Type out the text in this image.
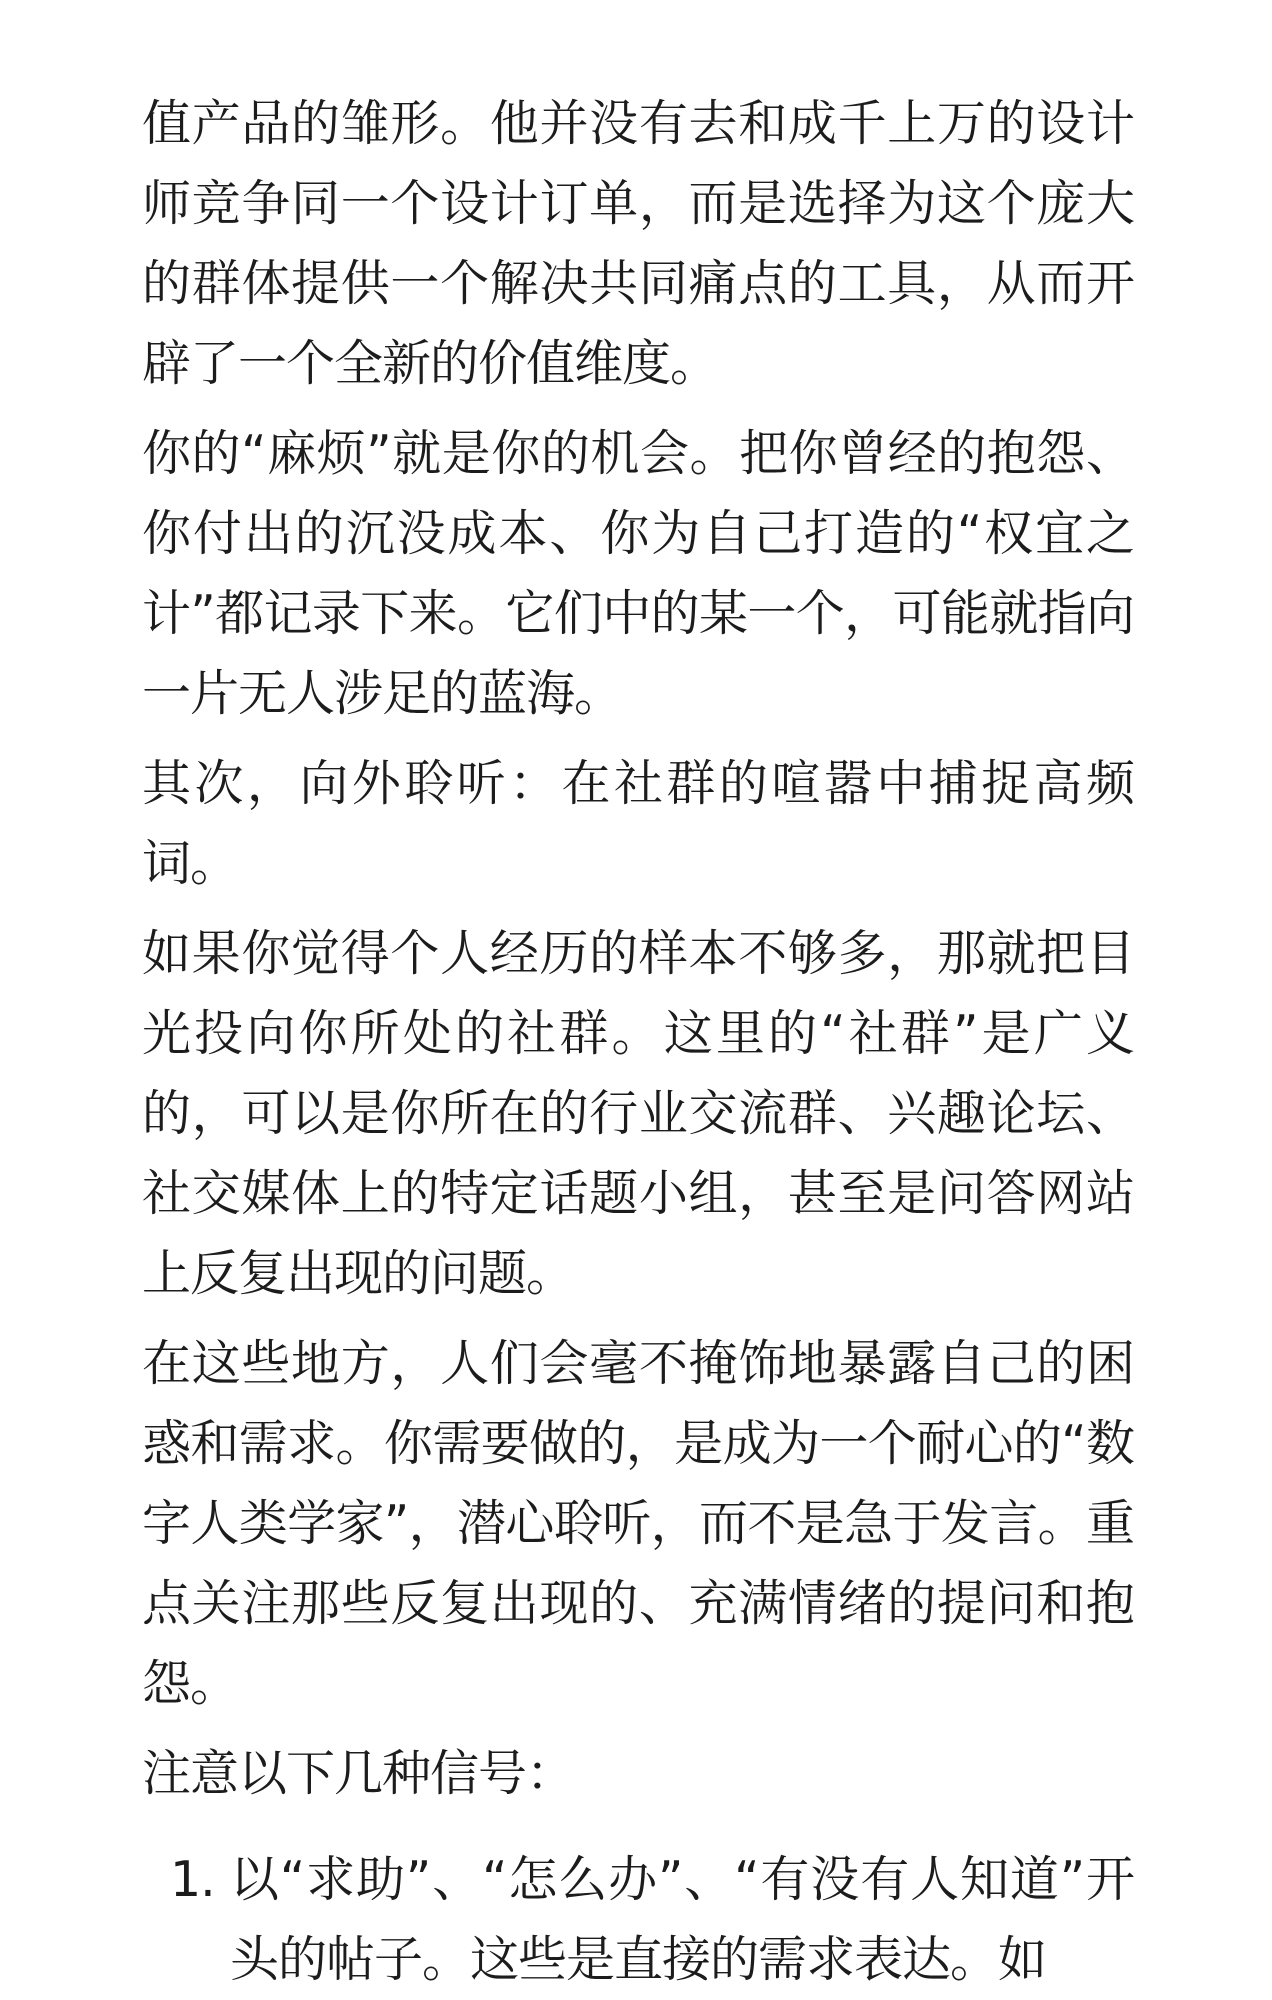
值产品的雏形。他并没有去和成千上万的设计师竞争同一个设计订单，而是选择为这个庞大的群体提供一个解决共同痛点的工具，从而开辟了一个全新的价值维度。

你的“麻烦”就是你的机会。把你曾经的抱怨、你付出的沉没成本、你为自己打造的“权宜之计”都记录下来。它们中的某一个，可能就指向一片无人涉足的蓝海。

其次，向外聆听：在社群的喧嚣中捕捉高频词。

如果你觉得个人经历的样本不够多，那就把目光投向你所处的社群。这里的“社群”是广义的，可以是你所在的行业交流群、兴趣论坛、社交媒体上的特定话题小组，甚至是问答网站上反复出现的问题。

在这些地方，人们会毫不掩饰地暴露自己的困惑和需求。你需要做的，是成为一个耐心的“数字人类学家”，潜心聆听，而不是急于发言。重点关注那些反复出现的、充满情绪的提问和抱怨。

注意以下几种信号：

1. 以“求助”、“怎么办”、“有没有人知道”开头的帖子。这些是直接的需求表达。如
